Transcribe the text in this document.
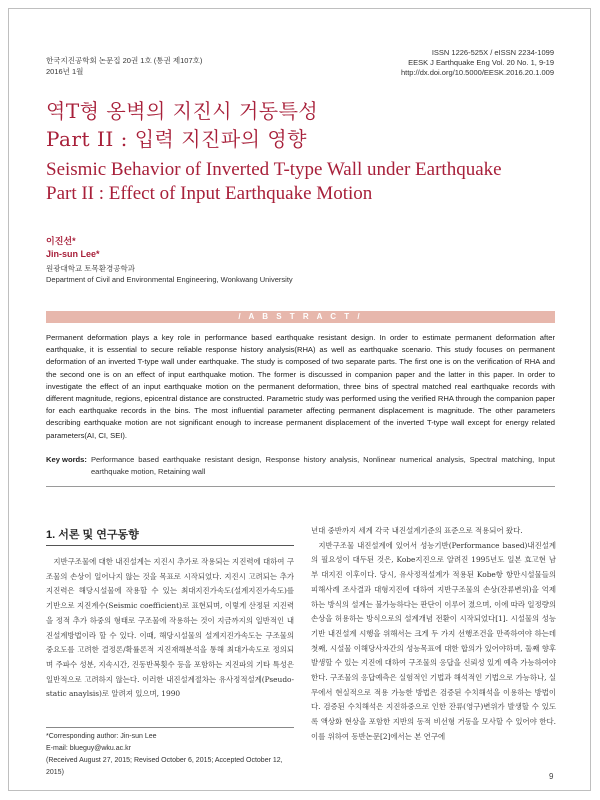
한국지진공학회 논문집 20권 1호 (통권 제107호)
2016년 1월
ISSN 1226-525X / eISSN 2234-1099
EESK J Earthquake Eng Vol. 20 No. 1, 9-19
http://dx.doi.org/10.5000/EESK.2016.20.1.009
역T형 옹벽의 지진시 거동특성
Part II : 입력 지진파의 영향
Seismic Behavior of Inverted T-type Wall under Earthquake
Part II : Effect of Input Earthquake Motion
이진선*
Jin-sun Lee*
원광대학교 토목환경공학과
Department of Civil and Environmental Engineering, Wonkwang University
/ A B S T R A C T /

Permanent deformation plays a key role in performance based earthquake resistant design. In order to estimate permanent deformation after earthquake, it is essential to secure reliable response history analysis(RHA) as well as earthquake scenario. This study focuses on permanent deformation of an inverted T-type wall under earthquake. The study is composed of two separate parts. The first one is on the verification of RHA and the second one is on an effect of input earthquake motion. The former is discussed in companion paper and the latter in this paper. In order to investigate the effect of an input earthquake motion on the permanent deformation, three bins of spectral matched real earthquake records with different magnitude, regions, epicentral distance are constructed. Parametric study was performed using the verified RHA through the companion paper for each earthquake records in the bins. The most influential parameter affecting permanent displacement is magnitude. The other parameters describing earthquake motion are not significant enough to increase permanent displacement of the inverted T-type wall except for energy related parameters(AI, CI, SEI).

Key words: Performance based earthquake resistant design, Response history analysis, Nonlinear numerical analysis, Spectral matching, Input earthquake motion, Retaining wall
1. 서론 및 연구동향

지반구조물에 대한 내진설계는 지진시 추가로 작용되는 지진력에 대하여 구조물의 손상이 일어나지 않는 것을 목표로 시작되었다. 지진시 고려되는 추가 지진력은 해당시설물에 작용할 수 있는 최대지진가속도(설계지진가속도)를 기반으로 지진계수(Seismic coefficient)로 표현되며, 이렇게 산정된 지진력을 정적 추가 하중의 형태로 구조물에 작용하는 것이 지금까지의 일반적인 내진설계방법이라 할 수 있다. 이때, 해당시설물의 설계지진가속도는 구조물의 중요도를 고려한 결정론/확률론적 지진재해분석을 통해 최대가속도로 정의되며 주파수 성분, 지속시간, 진동반복횟수 등을 포함하는 지진파의 기타 특성은 일반적으로 고려하지 않는다. 이러한 내진설계절차는 유사정적설계(Pseudo-static anaylsis)로 알려져 있으며, 1990

년대 중반까지 세계 각국 내진설계기준의 표준으로 적용되어 왔다.

지반구조물 내진설계에 있어서 성능기반(Performance based)내진설계의 필요성이 대두된 것은, Kobe지진으로 알려진 1995년도 일본 효고현 남부 대지진 이후이다. 당시, 유사정적설계가 적용된 Kobe항 항만시설물들의 피해사례 조사결과 대형지진에 대하여 지반구조물의 손상(잔류변위)을 억제하는 방식의 설계는 불가능하다는 판단이 이루어 졌으며, 이에 따라 일정량의 손상을 허용하는 방식으로의 설계개념 전환이 시작되었다[1]. 시설물의 성능기반 내진설계 시행을 위해서는 크게 두 가지 선행조건을 만족하여야 하는데 첫째, 시설물 이해당사자간의 성능목표에 대한 합의가 있어야하며, 둘째 향후 발생할 수 있는 지진에 대하여 구조물의 응답을 신뢰성 있게 예측 가능하여야 한다. 구조물의 응답예측은 실험적인 기법과 해석적인 기법으로 가능하나, 실무에서 현실적으로 적용 가능한 방법은 검증된 수치해석을 이용하는 방법이다. 검증된 수치해석은 지진하중으로 인한 잔류(영구)변위가 발생할 수 있도록 액상화 현상을 포함한 지반의 동적 비선형 거동을 모사할 수 있어야 한다. 이를 위하여 동반논문[2]에서는 본 연구에

*Corresponding author: Jin-sun Lee
E-mail: blueguy@wku.ac.kr
(Received August 27, 2015; Revised October 6, 2015; Accepted October 12, 2015)	9
